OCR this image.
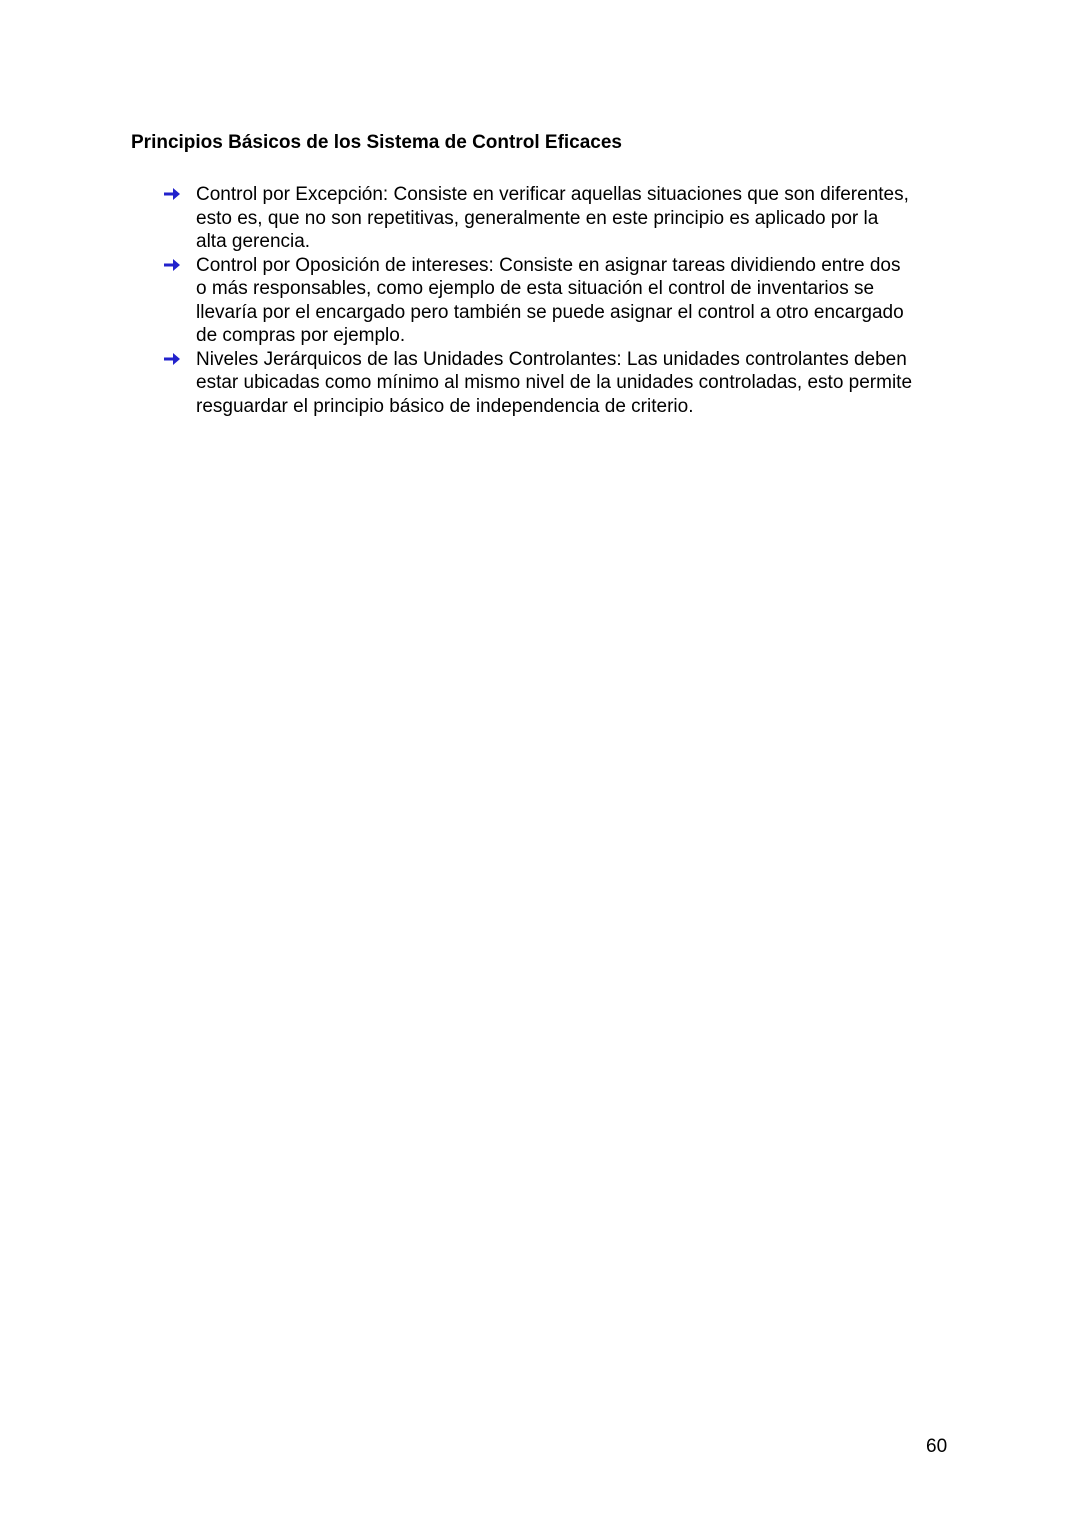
Principios Básicos de los Sistema de Control Eficaces
Control por Excepción: Consiste en verificar aquellas situaciones que son diferentes,
esto es, que no son repetitivas, generalmente en este principio es aplicado por la
alta gerencia.
Control por Oposición de intereses: Consiste en asignar tareas dividiendo entre dos
o más responsables, como ejemplo de esta situación el control de inventarios se
llevaría por el encargado pero también se puede asignar el control a otro encargado
de compras por ejemplo.
Niveles Jerárquicos de las Unidades Controlantes: Las unidades controlantes deben
estar ubicadas como mínimo al mismo nivel de la unidades controladas, esto permite
resguardar el principio básico de independencia de criterio.
60
